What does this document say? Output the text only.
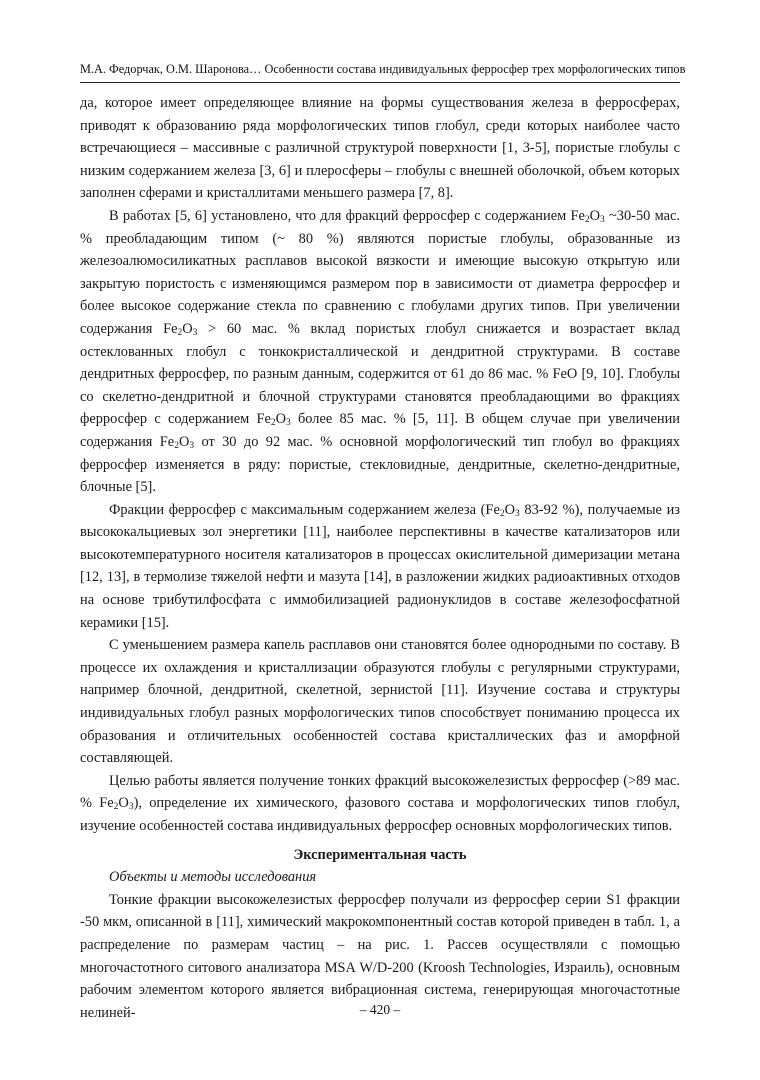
М.А. Федорчак, О.М. Шаронова… Особенности состава индивидуальных ферросфер трех морфологических типов

да, которое имеет определяющее влияние на формы существования железа в ферросферах, приводят к образованию ряда морфологических типов глобул, среди которых наиболее часто встречающиеся – массивные с различной структурой поверхности [1, 3-5], пористые глобулы с низким содержанием железа [3, 6] и плеросферы – глобулы с внешней оболочкой, объем которых заполнен сферами и кристаллитами меньшего размера [7, 8].

В работах [5, 6] установлено, что для фракций ферросфер с содержанием $Fe_2O_3$ ~30-50 мас. % преобладающим типом (~ 80 %) являются пористые глобулы, образованные из железоалюмосиликатных расплавов высокой вязкости и имеющие высокую открытую или закрытую пористость с изменяющимся размером пор в зависимости от диаметра ферросфер и более высокое содержание стекла по сравнению с глобулами других типов. При увеличении содержания $Fe_2O_3 > 60$ мас. % вклад пористых глобул снижается и возрастает вклад остеклованных глобул с тонкокристаллической и дендритной структурами. В составе дендритных ферросфер, по разным данным, содержится от 61 до 86 мас. % FeO [9, 10]. Глобулы со скелетно-дендритной и блочной структурами становятся преобладающими во фракциях ферросфер с содержанием $Fe_2O_3$ более 85 мас. % [5, 11]. В общем случае при увеличении содержания $Fe_2O_3$ от 30 до 92 мас. % основной морфологический тип глобул во фракциях ферросфер изменяется в ряду: пористые, стекловидные, дендритные, скелетно-дендритные, блочные [5].

Фракции ферросфер с максимальным содержанием железа ($Fe_2O_3$ 83-92 %), получаемые из высококальциевых зол энергетики [11], наиболее перспективны в качестве катализаторов или высокотемпературного носителя катализаторов в процессах окислительной димеризации метана [12, 13], в термолизе тяжелой нефти и мазута [14], в разложении жидких радиоактивных отходов на основе трибутилфосфата с иммобилизацией радионуклидов в составе железофосфатной керамики [15].

С уменьшением размера капель расплавов они становятся более однородными по составу. В процессе их охлаждения и кристаллизации образуются глобулы с регулярными структурами, например блочной, дендритной, скелетной, зернистой [11]. Изучение состава и структуры индивидуальных глобул разных морфологических типов способствует пониманию процесса их образования и отличительных особенностей состава кристаллических фаз и аморфной составляющей.

Целью работы является получение тонких фракций высокожелезистых ферросфер (>89 мас. % $Fe_2O_3$), определение их химического, фазового состава и морфологических типов глобул, изучение особенностей состава индивидуальных ферросфер основных морфологических типов.

Экспериментальная часть

Объекты и методы исследования

Тонкие фракции высокожелезистых ферросфер получали из ферросфер серии S1 фракции -50 мкм, описанной в [11], химический макрокомпонентный состав которой приведен в табл. 1, а распределение по размерам частиц – на рис. 1. Рассев осуществляли с помощью многочастотного ситового анализатора MSA W/D-200 (Kroosh Technologies, Израиль), основным рабочим элементом которого является вибрационная система, генерирующая многочастотные нелиней-	– 420 –
